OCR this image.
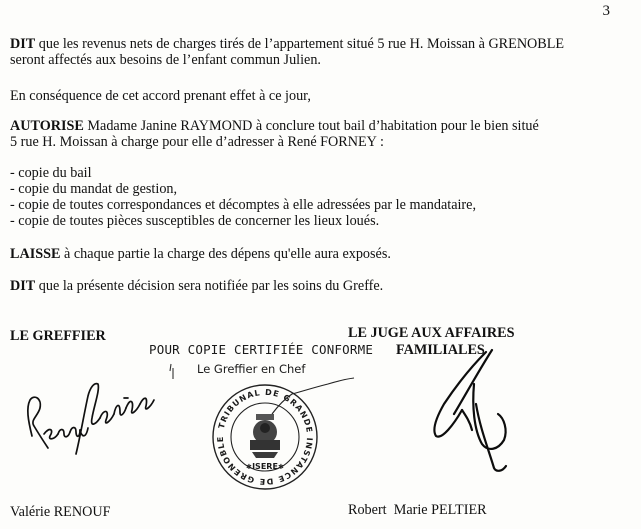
3
DIT que les revenus nets de charges tirés de l’appartement situé 5 rue H. Moissan à GRENOBLE
seront affectés aux besoins de l’enfant commun Julien.
En conséquence de cet accord prenant effet à ce jour,
AUTORISE Madame Janine RAYMOND à conclure tout bail d’habitation pour le bien situé
5 rue H. Moissan à charge pour elle d’adresser à René FORNEY :
- copie du bail
- copie du mandat de gestion,
- copie de toutes correspondances et décomptes à elle adressées par le mandataire,
- copie de toutes pièces susceptibles de concerner les lieux loués.
LAISSE à chaque partie la charge des dépens qu'elle aura exposés.
DIT que la présente décision sera notifiée par les soins du Greffe.
LE GREFFIER	LE JUGE AUX AFFAIRES
FAMILIALES
POUR COPIE CERTIFIÉE CONFORME
Le Greffier en Chef
TRIBUNAL DE GRANDE INSTANCE DE GRENOBLE
ISERE
✱	✱
Valérie RENOUF	Robert  Marie PELTIER
